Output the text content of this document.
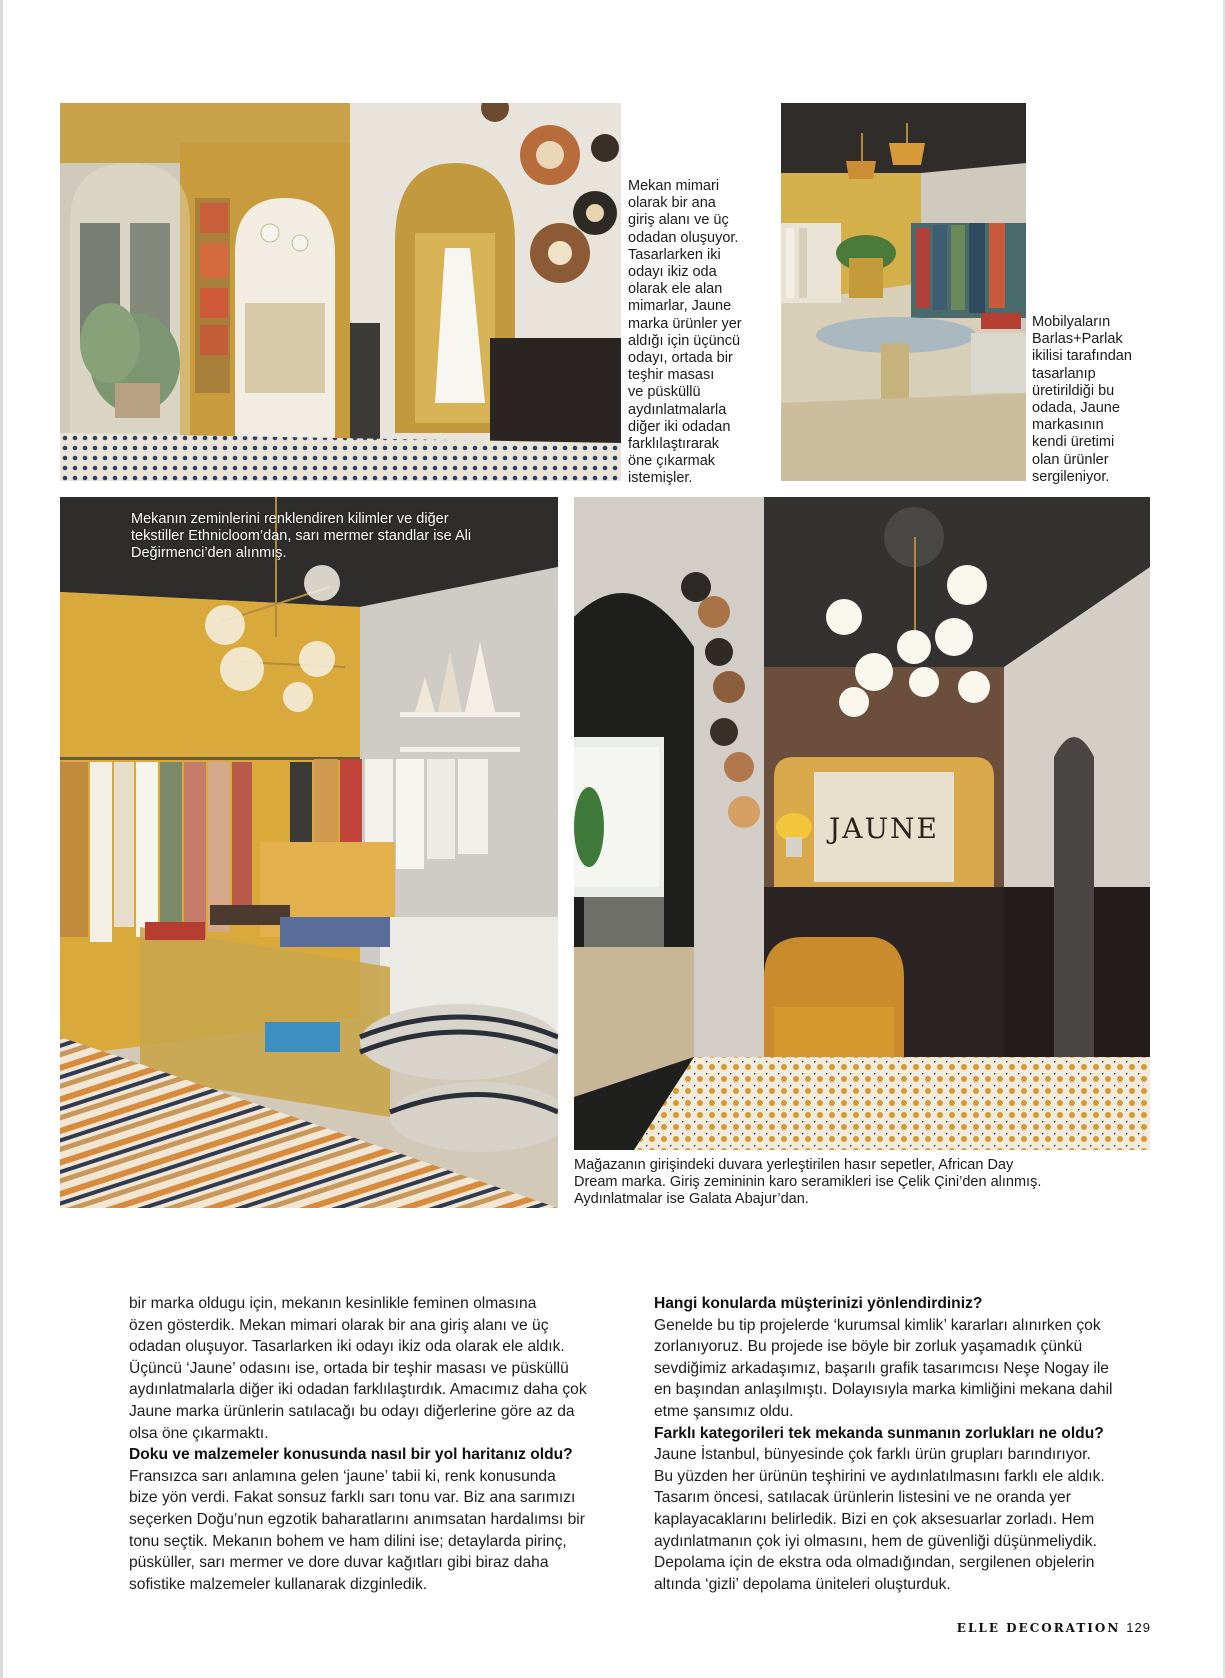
JAUNE
Mekan mimari
olarak bir ana
giriş alanı ve üç
odadan oluşuyor.
Tasarlarken iki
odayı ikiz oda
olarak ele alan
mimarlar, Jaune
marka ürünler yer
aldığı için üçüncü
odayı, ortada bir
teşhir masası
ve püsküllü
aydınlatmalarla
diğer iki odadan
farklılaştırarak
öne çıkarmak
istemişler.
Mobilyaların
Barlas+Parlak
ikilisi tarafından
tasarlanıp
üretirildiği bu
odada, Jaune
markasının
kendi üretimi
olan ürünler
sergileniyor.
Mekanın zeminlerini renklendiren kilimler ve diğer
tekstiller Ethnicloom’dan, sarı mermer standlar ise Ali
Değirmenci’den alınmış.
Mağazanın girişindeki duvara yerleştirilen hasır sepetler, African Day
Dream marka. Giriş zemininin karo seramikleri ise Çelik Çini’den alınmış.
Aydınlatmalar ise Galata Abajur’dan.

bir marka oldugu için, mekanın kesinlikle feminen olmasına
özen gösterdik. Mekan mimari olarak bir ana giriş alanı ve üç
odadan oluşuyor. Tasarlarken iki odayı ikiz oda olarak ele aldık.
Üçüncü ‘Jaune’ odasını ise, ortada bir teşhir masası ve püsküllü
aydınlatmalarla diğer iki odadan farklılaştırdık. Amacımız daha çok
Jaune marka ürünlerin satılacağı bu odayı diğerlerine göre az da
olsa öne çıkarmaktı.

Doku ve malzemeler konusunda nasıl bir yol haritanız oldu?

Fransızca sarı anlamına gelen ‘jaune’ tabii ki, renk konusunda
bize yön verdi. Fakat sonsuz farklı sarı tonu var. Biz ana sarımızı
seçerken Doğu’nun egzotik baharatlarını anımsatan hardalımsı bir
tonu seçtik. Mekanın bohem ve ham dilini ise; detaylarda pirinç,
püsküller, sarı mermer ve dore duvar kağıtları gibi biraz daha
sofistike malzemeler kullanarak dizginledik.

Hangi konularda müşterinizi yönlendirdiniz?

Genelde bu tip projelerde ‘kurumsal kimlik’ kararları alınırken çok
zorlanıyoruz. Bu projede ise böyle bir zorluk yaşamadık çünkü
sevdiğimiz arkadaşımız, başarılı grafik tasarımcısı Neşe Nogay ile
en başından anlaşılmıştı. Dolayısıyla marka kimliğini mekana dahil
etme şansımız oldu.

Farklı kategorileri tek mekanda sunmanın zorlukları ne oldu?

Jaune İstanbul, bünyesinde çok farklı ürün grupları barındırıyor.
Bu yüzden her ürünün teşhirini ve aydınlatılmasını farklı ele aldık.
Tasarım öncesi, satılacak ürünlerin listesini ve ne oranda yer
kaplayacaklarını belirledik. Bizi en çok aksesuarlar zorladı. Hem
aydınlatmanın çok iyi olmasını, hem de güvenliği düşünmeliydik.
Depolama için de ekstra oda olmadığından, sergilenen objelerin
altında ‘gizli’ depolama üniteleri oluşturduk.

ELLE DECORATION 129
